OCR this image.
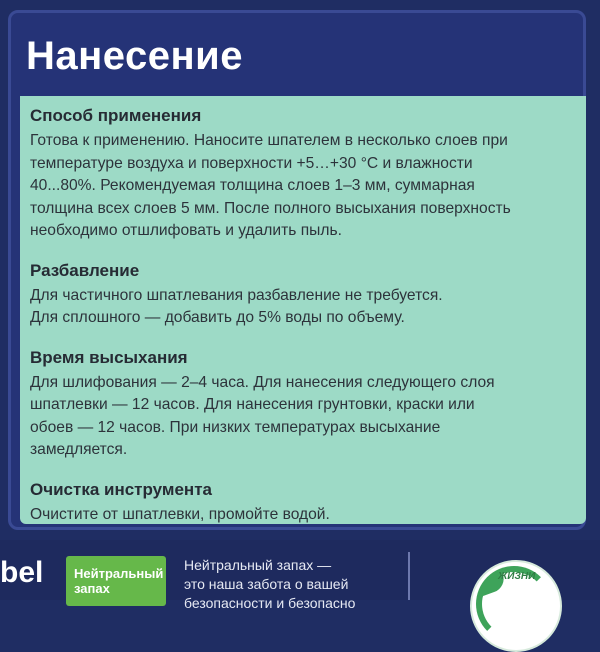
Нанесение
Способ применения

Готова к применению. Наносите шпателем в несколько слоев при
температуре воздуха и поверхности +5…+30 °С и влажности
40...80%. Рекомендуемая толщина слоев 1–3 мм, суммарная
толщина всех слоев 5 мм. После полного высыхания поверхность
необходимо отшлифовать и удалить пыль.

Разбавление

Для частичного шпатлевания разбавление не требуется.
Для сплошного — добавить до 5% воды по объему.

Время высыхания

Для шлифования — 2–4 часа. Для нанесения следующего слоя
шпатлевки — 12 часов. Для нанесения грунтовки, краски или
обоев — 12 часов. При низких температурах высыхание
замедляется.

Очистка инструмента

Очистите от шпатлевки, промойте водой.

bel Нейтральный
запах
Нейтральный запах —
это наша забота о вашей
безопасности и безопасно
ЖИЗНИ
